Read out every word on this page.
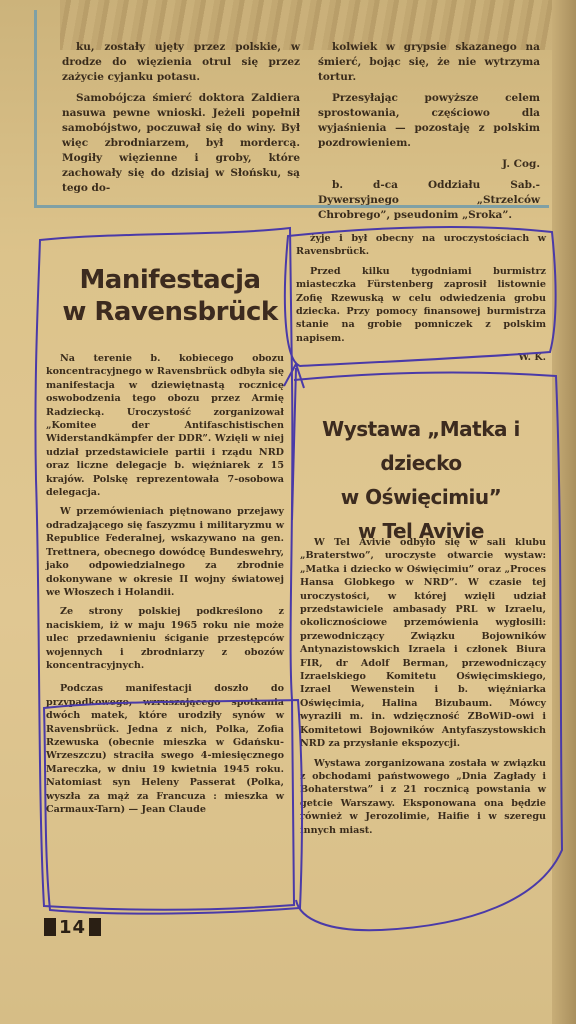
ku, zostały ujęty przez polskie, w drodze do więzienia otrul się przez zażycie cyjanku potasu.

Samobójcza śmierć doktora Zaldiera nasuwa pewne wnioski. Jeżeli popełnił samobójstwo, poczuwał się do winy. Był więc zbrodniarzem, był mordercą. Mogiły więzienne i groby, które zachowały się do dzisiaj w Słońsku, są tego do-

kolwiek w grypsie skazanego na śmierć, bojąc się, że nie wytrzyma tortur.

Przesyłając powyższe celem sprostowania, częściowo dla wyjaśnienia — pozostaję z polskim pozdrowieniem.

J. Cog.

b. d-ca Oddziału Sab.-Dywersyjnego „Strzelców Chrobrego”, pseudonim „Sroka”.

Manifestacja
w Ravensbrück

Na terenie b. kobiecego obozu koncentracyjnego w Ravensbrück odbyła się manifestacja w dziewiętnastą rocznicę oswobodzenia tego obozu przez Armię Radziecką. Uroczystość zorganizował „Komitee der Antifaschistischen Widerstandkämpfer der DDR”. Wzięli w niej udział przedstawiciele partii i rządu NRD oraz liczne delegacje b. więźniarek z 15 krajów. Polskę reprezentowała 7-osobowa delegacja.

W przemówieniach piętnowano przejawy odradzającego się faszyzmu i militaryzmu w Republice Federalnej, wskazywano na gen. Trettnera, obecnego dowódcę Bundeswehry, jako odpowiedzialnego za zbrodnie dokonywane w okresie II wojny światowej we Włoszech i Holandii.

Ze strony polskiej podkreślono z naciskiem, iż w maju 1965 roku nie może ulec przedawnieniu ściganie przestępców wojennych i zbrodniarzy z obozów koncentracyjnych.

Podczas manifestacji doszło do przypadkowego, wzruszającego spotkania dwóch matek, które urodziły synów w Ravensbrück. Jedna z nich, Polka, Zofia Rzewuska (obecnie mieszka w Gdańsku-Wrzeszczu) straciła swego 4-miesięcznego Mareczka, w dniu 19 kwietnia 1945 roku. Natomiast syn Heleny Passerat (Polka, wyszła za mąż za Francuza : mieszka w Carmaux-Tarn) — Jean Claude

żyje i był obecny na uroczystościach w Ravensbrück.

Przed kilku tygodniami burmistrz miasteczka Fürstenberg zaprosił listownie Zofię Rzewuską w celu odwiedzenia grobu dziecka. Przy pomocy finansowej burmistrza stanie na grobie pomniczek z polskim napisem.

W. K.

Wystawa „Matka i dziecko
w Oświęcimiu”
w Tel Avivie

W Tel Avivie odbyło się w sali klubu „Braterstwo”, uroczyste otwarcie wystaw: „Matka i dziecko w Oświęcimiu” oraz „Proces Hansa Globkego w NRD”. W czasie tej uroczystości, w której wzięli udział przedstawiciele ambasady PRL w Izraelu, okolicznościowe przemówienia wygłosili: przewodniczący Związku Bojowników Antynazistowskich Izraela i członek Biura FIR, dr Adolf Berman, przewodniczący Izraelskiego Komitetu Oświęcimskiego, Izrael Wewenstein i b. więźniarka Oświęcimia, Halina Bizubaum. Mówcy wyrazili m. in. wdzięczność ZBoWiD-owi i Komitetowi Bojowników Antyfaszystowskich NRD za przysłanie ekspozycji.

Wystawa zorganizowana została w związku z obchodami państwowego „Dnia Zagłady i Bohaterstwa” i z 21 rocznicą powstania w getcie Warszawy. Eksponowana ona będzie również w Jerozolimie, Haifie i w szeregu innych miast.

14
